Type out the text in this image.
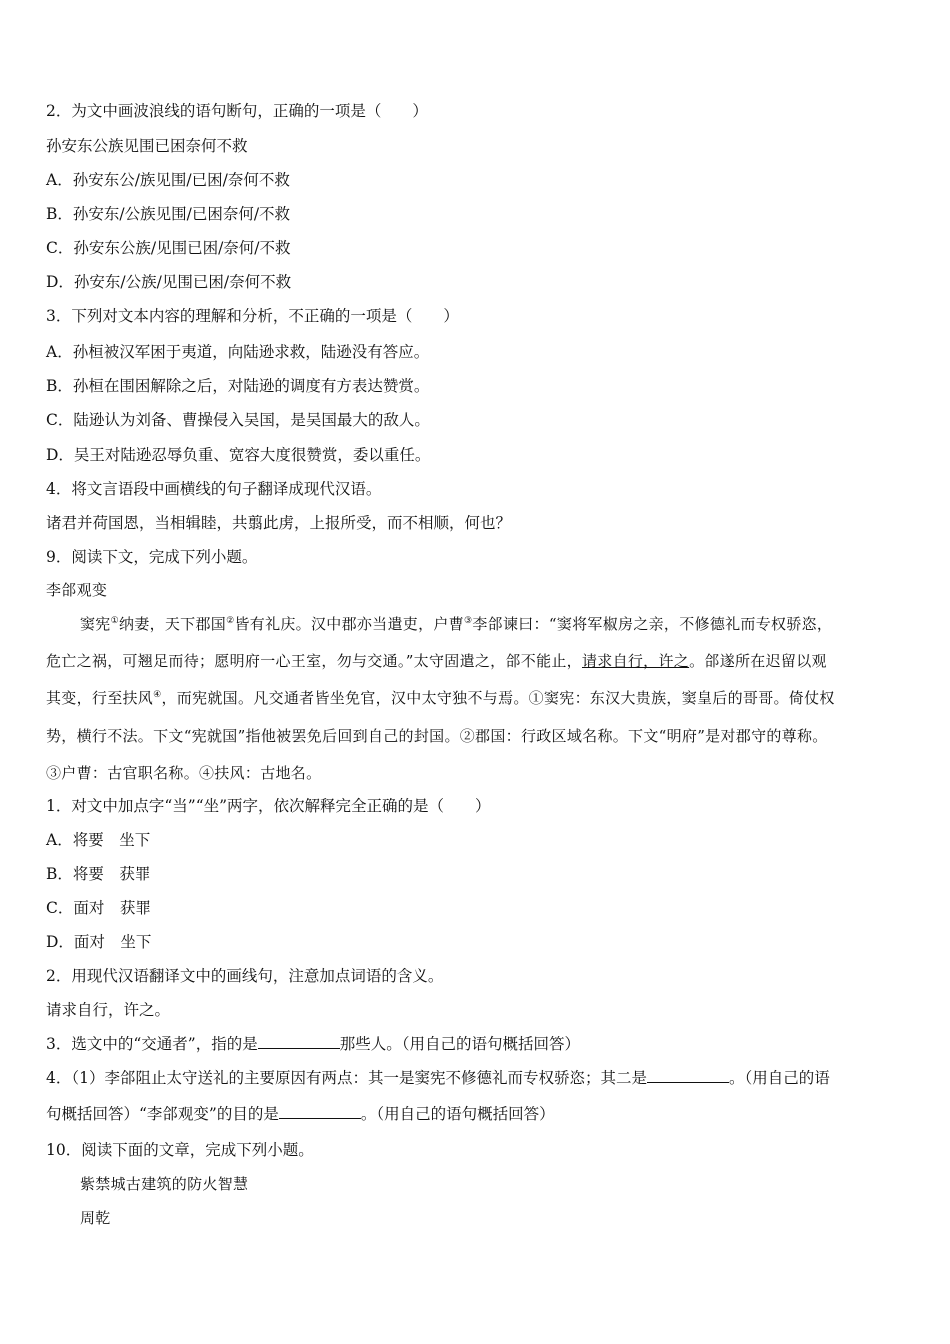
2．为文中画波浪线的语句断句，正确的一项是（　　）
孙安东公族见围已困奈何不救
A．孙安东公/族见围/已困/奈何不救
B．孙安东/公族见围/已困奈何/不救
C．孙安东公族/见围已困/奈何/不救
D．孙安东/公族/见围已困/奈何不救
3．下列对文本内容的理解和分析，不正确的一项是（　　）
A．孙桓被汉军困于夷道，向陆逊求救，陆逊没有答应。
B．孙桓在围困解除之后，对陆逊的调度有方表达赞赏。
C．陆逊认为刘备、曹操侵入吴国，是吴国最大的敌人。
D．吴王对陆逊忍辱负重、宽容大度很赞赏，委以重任。
4．将文言语段中画横线的句子翻译成现代汉语。
诸君并荷国恩，当相辑睦，共翦此虏，上报所受，而不相顺，何也？
9．阅读下文，完成下列小题。
李郃观变
窦宪①纳妻，天下郡国②皆有礼庆。汉中郡亦当遣吏，户曹③李郃谏曰：“窦将军椒房之亲，不修德礼而专权骄恣，
危亡之祸，可翘足而待；愿明府一心王室，勿与交通。”太守固遣之，郃不能止，请求自行，许之。郃遂所在迟留以观
其变，行至扶风④，而宪就国。凡交通者皆坐免官，汉中太守独不与焉。①窦宪：东汉大贵族，窦皇后的哥哥。倚仗权
势，横行不法。下文“宪就国”指他被罢免后回到自己的封国。②郡国：行政区域名称。下文“明府”是对郡守的尊称。
③户曹：古官职名称。④扶风：古地名。
1．对文中加点字“当”“坐”两字，依次解释完全正确的是（　　）
A．将要　坐下
B．将要　获罪
C．面对　获罪
D．面对　坐下
2．用现代汉语翻译文中的画线句，注意加点词语的含义。
请求自行，许之。
3．选文中的“交通者”，指的是	那些人。（用自己的语句概括回答）
4．（1）李郃阻止太守送礼的主要原因有两点：其一是窦宪不修德礼而专权骄恣；其二是	。（用自己的语
句概括回答）“李郃观变”的目的是	。（用自己的语句概括回答）
10．阅读下面的文章，完成下列小题。
紫禁城古建筑的防火智慧
周乾
